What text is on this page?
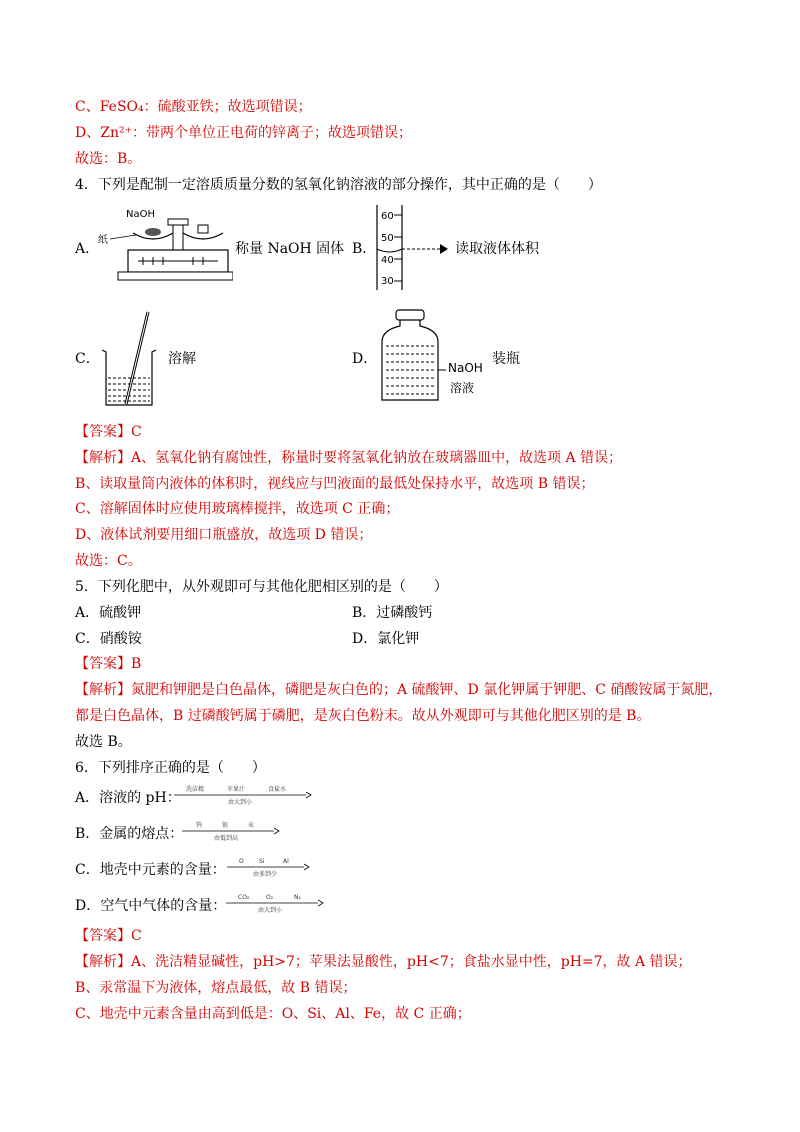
C、FeSO₄：硫酸亚铁；故选项错误；
D、Zn²⁺：带两个单位正电荷的锌离子；故选项错误；
故选：B。
4．下列是配制一定溶质质量分数的氢氧化钠溶液的部分操作，其中正确的是（　　）
A．
NaOH
纸
称量 NaOH 固体 B．
60
50
40
30
读取液体体积
C．	溶解	D．
NaOH
溶液
装瓶
【答案】C
【解析】A、氢氧化钠有腐蚀性，称量时要将氢氧化钠放在玻璃器皿中，故选项 A 错误；
B、读取量筒内液体的体积时，视线应与凹液面的最低处保持水平，故选项 B 错误；
C、溶解固体时应使用玻璃棒搅拌，故选项 C 正确；
D、液体试剂要用细口瓶盛放，故选项 D 错误；
故选：C。
5．下列化肥中，从外观即可与其他化肥相区别的是（　　）
A．硫酸钾	B．过磷酸钙
C．硝酸铵	D．氯化钾
【答案】B
【解析】氮肥和钾肥是白色晶体，磷肥是灰白色的；A 硫酸钾、D 氯化钾属于钾肥、C 硝酸铵属于氮肥，
都是白色晶体，B 过磷酸钙属于磷肥，是灰白色粉末。故从外观即可与其他化肥区别的是 B。
故选 B。
6．下列排序正确的是（　　）
A．溶液的 pH：
洗洁精	苹果汁	食盐水
由大到小
B．金属的熔点：
钨	银	汞
由低到高
C．地壳中元素的含量：
O	Si	Al
由多到少
D．空气中气体的含量：
CO₂	O₂	N₂
由大到小
【答案】C
【解析】A、洗洁精显碱性，pH>7；苹果法显酸性，pH<7；食盐水显中性，pH=7，故 A 错误；
B、汞常温下为液体，熔点最低，故 B 错误；
C、地壳中元素含量由高到低是：O、Si、Al、Fe，故 C 正确；
